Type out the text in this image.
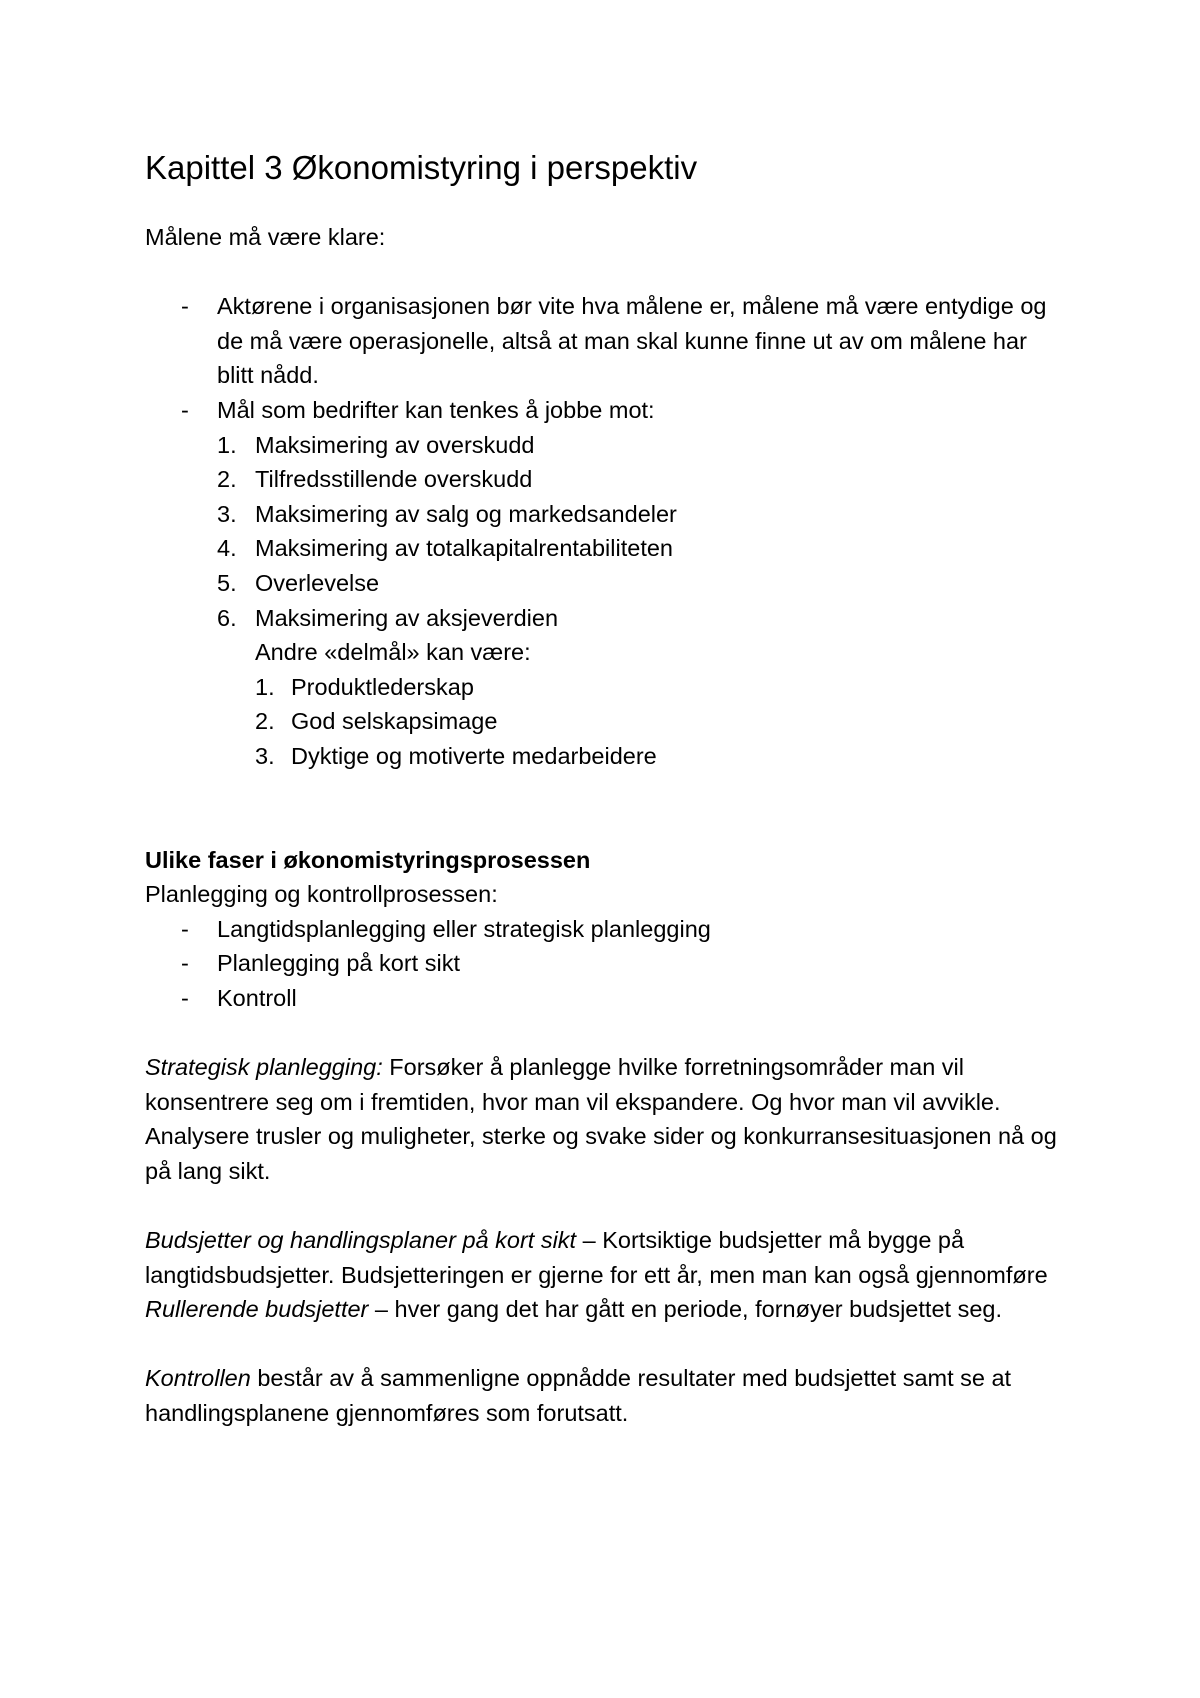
Kapittel 3 Økonomistyring i perspektiv

Målene må være klare:

- Aktørene i organisasjonen bør vite hva målene er, målene må være entydige og de må være operasjonelle, altså at man skal kunne finne ut av om målene har blitt nådd.
- Mål som bedrifter kan tenkes å jobbe mot:
1. Maksimering av overskudd
2. Tilfredsstillende overskudd
3. Maksimering av salg og markedsandeler
4. Maksimering av totalkapitalrentabiliteten
5. Overlevelse
6. Maksimering av aksjeverdien
Andre «delmål» kan være:
1. Produktlederskap
2. God selskapsimage
3. Dyktige og motiverte medarbeidere

Ulike faser i økonomistyringsprosessen

Planlegging og kontrollprosessen:

- Langtidsplanlegging eller strategisk planlegging
- Planlegging på kort sikt
- Kontroll

Strategisk planlegging: Forsøker å planlegge hvilke forretningsområder man vil konsentrere seg om i fremtiden, hvor man vil ekspandere. Og hvor man vil avvikle. Analysere trusler og muligheter, sterke og svake sider og konkurransesituasjonen nå og på lang sikt.

Budsjetter og handlingsplaner på kort sikt – Kortsiktige budsjetter må bygge på langtidsbudsjetter. Budsjetteringen er gjerne for ett år, men man kan også gjennomføre

Rullerende budsjetter – hver gang det har gått en periode, fornøyer budsjettet seg.

Kontrollen består av å sammenligne oppnådde resultater med budsjettet samt se at handlingsplanene gjennomføres som forutsatt.
